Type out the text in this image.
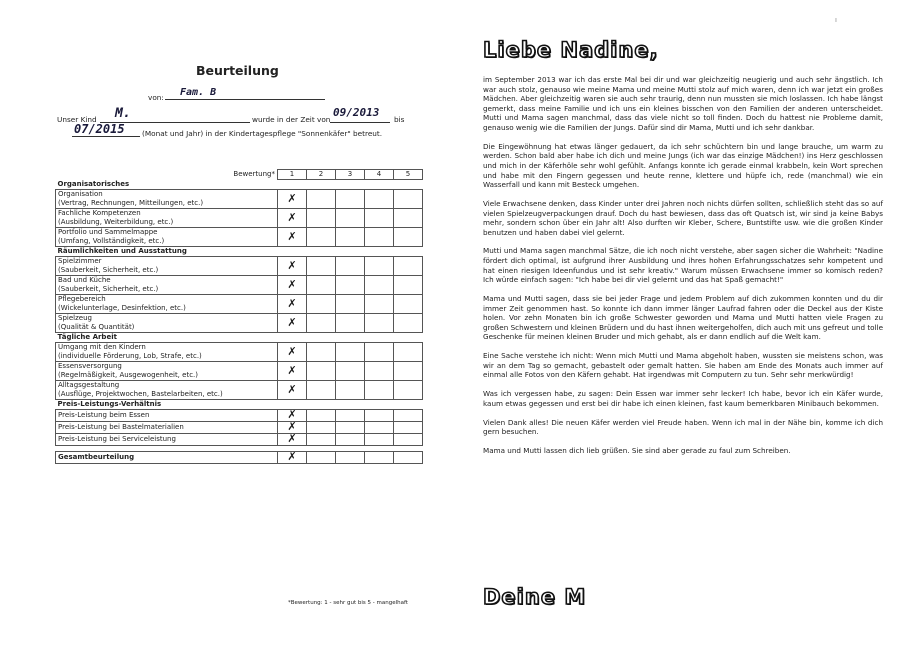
Beurteilung
von: Fam. B
Unser Kind M.	wurde in der Zeit von
09/2013
bis
07/2015 (Monat und Jahr) in der Kindertagespflege "Sonnenkäfer" betreut.
Bewertung*	1	2	3	4	5
Organisatorisches					

Organisation
(Vertrag, Rechnungen, Mitteilungen, etc.)	✗				

Fachliche Kompetenzen
(Ausbildung, Weiterbildung, etc.)	✗				

Portfolio und Sammelmappe
(Umfang, Vollständigkeit, etc.)	✗				
Räumlichkeiten und Ausstattung					

Spielzimmer
(Sauberkeit, Sicherheit, etc.)	✗				

Bad und Küche
(Sauberkeit, Sicherheit, etc.)	✗				

Pflegebereich
(Wickelunterlage, Desinfektion, etc.)	✗				

Spielzeug
(Qualität & Quantität)	✗				
Tägliche Arbeit					

Umgang mit den Kindern
(individuelle Förderung, Lob, Strafe, etc.)	✗				

Essensversorgung
(Regelmäßigkeit, Ausgewogenheit, etc.)	✗				

Alltagsgestaltung
(Ausflüge, Projektwochen, Bastelarbeiten, etc.)	✗				
Preis-Leistungs-Verhältnis					

Preis-Leistung beim Essen	✗				

Preis-Leistung bei Bastelmaterialien	✗				

Preis-Leistung bei Serviceleistung	✗				

Gesamtbeurteilung	✗				
*Bewertung: 1 - sehr gut bis 5 - mangelhaft
ı
Liebe Nadine,

im September 2013 war ich das erste Mal bei dir und war gleichzeitig neugierig und auch sehr ängstlich. Ich war auch stolz, genauso wie meine Mama und meine Mutti stolz auf mich waren, denn ich war jetzt ein großes Mädchen. Aber gleichzeitig waren sie auch sehr traurig, denn nun mussten sie mich loslassen. Ich habe längst gemerkt, dass meine Familie und ich uns ein kleines bisschen von den Familien der anderen unterscheidet. Mutti und Mama sagen manchmal, dass das viele nicht so toll finden. Doch du hattest nie Probleme damit, genauso wenig wie die Familien der Jungs. Dafür sind dir Mama, Mutti und ich sehr dankbar.

Die Eingewöhnung hat etwas länger gedauert, da ich sehr schüchtern bin und lange brauche, um warm zu werden. Schon bald aber habe ich dich und meine Jungs (ich war das einzige Mädchen!) ins Herz geschlossen und mich in der Käferhöle sehr wohl gefühlt. Anfangs konnte ich gerade einmal krabbeln, kein Wort sprechen und habe mit den Fingern gegessen und heute renne, klettere und hüpfe ich, rede (manchmal) wie ein Wasserfall und kann mit Besteck umgehen.

Viele Erwachsene denken, dass Kinder unter drei Jahren noch nichts dürfen sollten, schließlich steht das so auf vielen Spielzeugverpackungen drauf. Doch du hast bewiesen, dass das oft Quatsch ist, wir sind ja keine Babys mehr, sondern schon über ein Jahr alt! Also durften wir Kleber, Schere, Buntstifte usw. wie die großen Kinder benutzen und haben dabei viel gelernt.

Mutti und Mama sagen manchmal Sätze, die ich noch nicht verstehe, aber sagen sicher die Wahrheit: "Nadine fördert dich optimal, ist aufgrund ihrer Ausbildung und ihres hohen Erfahrungsschatzes sehr kompetent und hat einen riesigen Ideenfundus und ist sehr kreativ." Warum müssen Erwachsene immer so komisch reden? Ich würde einfach sagen: "Ich habe bei dir viel gelernt und das hat Spaß gemacht!"

Mama und Mutti sagen, dass sie bei jeder Frage und jedem Problem auf dich zukommen konnten und du dir immer Zeit genommen hast. So konnte ich dann immer länger Laufrad fahren oder die Deckel aus der Kiste holen. Vor zehn Monaten bin ich große Schwester geworden und Mama und Mutti hatten viele Fragen zu großen Schwestern und kleinen Brüdern und du hast ihnen weitergeholfen, dich auch mit uns gefreut und tolle Geschenke für meinen kleinen Bruder und mich gehabt, als er dann endlich auf die Welt kam.

Eine Sache verstehe ich nicht: Wenn mich Mutti und Mama abgeholt haben, wussten sie meistens schon, was wir an dem Tag so gemacht, gebastelt oder gemalt hatten. Sie haben am Ende des Monats auch immer auf einmal alle Fotos von den Käfern gehabt. Hat irgendwas mit Computern zu tun. Sehr sehr merkwürdig!

Was ich vergessen habe, zu sagen: Dein Essen war immer sehr lecker! Ich habe, bevor ich ein Käfer wurde, kaum etwas gegessen und erst bei dir habe ich einen kleinen, fast kaum bemerkbaren Minibauch bekommen.

Vielen Dank alles! Die neuen Käfer werden viel Freude haben. Wenn ich mal in der Nähe bin, komme ich dich gern besuchen.

Mama und Mutti lassen dich lieb grüßen. Sie sind aber gerade zu faul zum Schreiben.

Deine M
